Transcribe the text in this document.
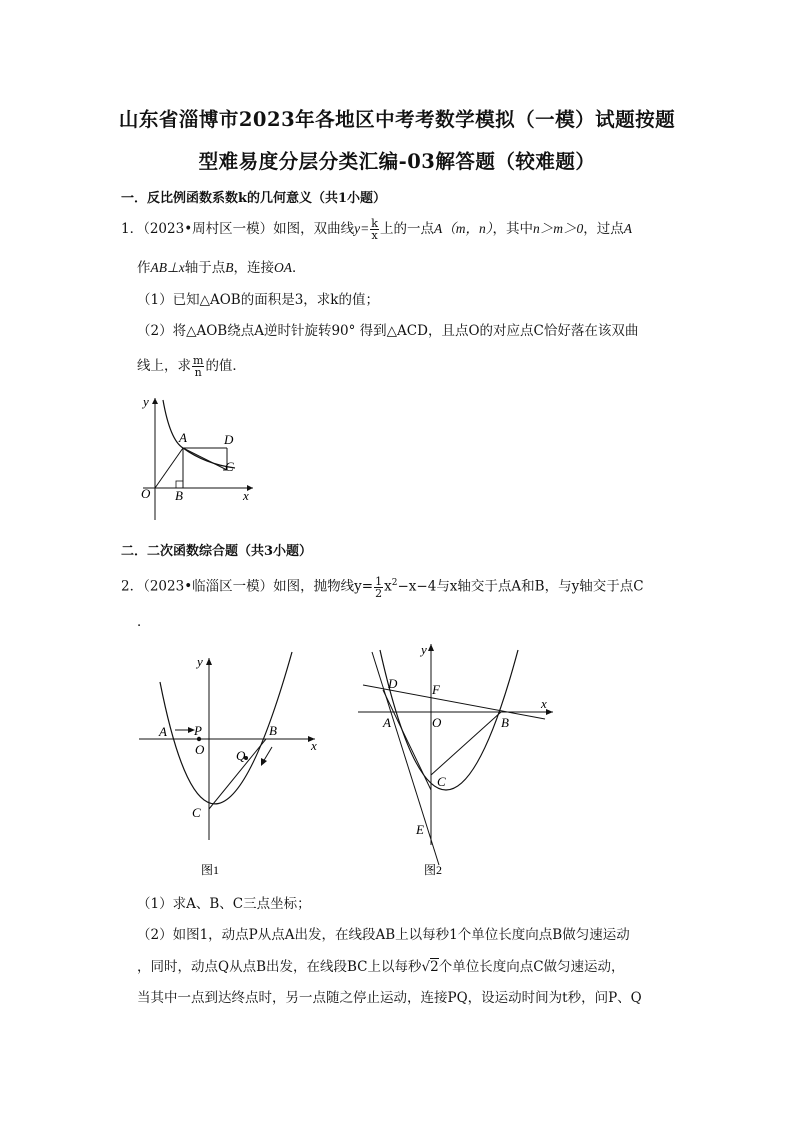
山东省淄博市2023年各地区中考考数学模拟（一模）试题按题
型难易度分层分类汇编-03解答题（较难题）
一．反比例函数系数k的几何意义（共1小题）
1．（2023•周村区一模）如图，双曲线$y= \frac{k}{x}$ 上的一点A（m，n），其中n＞m＞0，过点A
作AB⊥x轴于点B，连接OA．
（1）已知△AOB的面积是3，求k的值；
（2）将△AOB绕点A逆时针旋转90° 得到△ACD，且点O的对应点C恰好落在该双曲
线上，求 $\frac{m}{n}$ 的值．
y
x
O
A
B
D
C
二．二次函数综合题（共3小题）
2．（2023•临淄区一模）如图，抛物线$y= \frac{1}{2} x^2-x-4$与x轴交于点A和B，与y轴交于点C
．
x
y
A P
O
B
Q
C
图1
x
y
D	F
A	O	B
C
E
图2
（1）求A、B、C三点坐标；
（2）如图1，动点P从点A出发，在线段AB上以每秒1个单位长度向点B做匀速运动
，同时，动点Q从点B出发，在线段BC上以每秒√2个单位长度向点C做匀速运动，
当其中一点到达终点时，另一点随之停止运动，连接PQ，设运动时间为t秒，问P、Q
